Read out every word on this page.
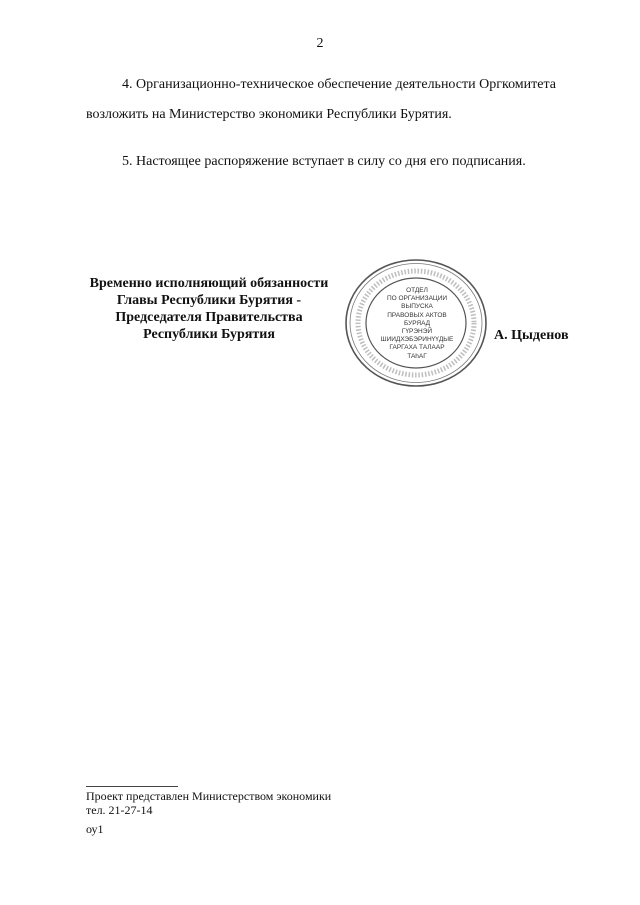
2
4. Организационно-техническое обеспечение деятельности Оргкомитета возложить на Министерство экономики Республики Бурятия.
5. Настоящее распоряжение вступает в силу со дня его подписания.
Временно исполняющий обязанности
Главы Республики Бурятия -
Председателя Правительства
Республики Бурятия
ОТДЕЛ
ПО ОРГАНИЗАЦИИ
ВЫПУСКА
ПРАВОВЫХ АКТОВ
БУРЯАД
ГҮРЭНЭЙ
ШИИДХЭБЭРИНҮҮДЫЕ
ГАРГАХА ТАЛААР
ТАһАГ
А. Цыденов
Проект представлен Министерством экономики
тел. 21-27-14
оу1
